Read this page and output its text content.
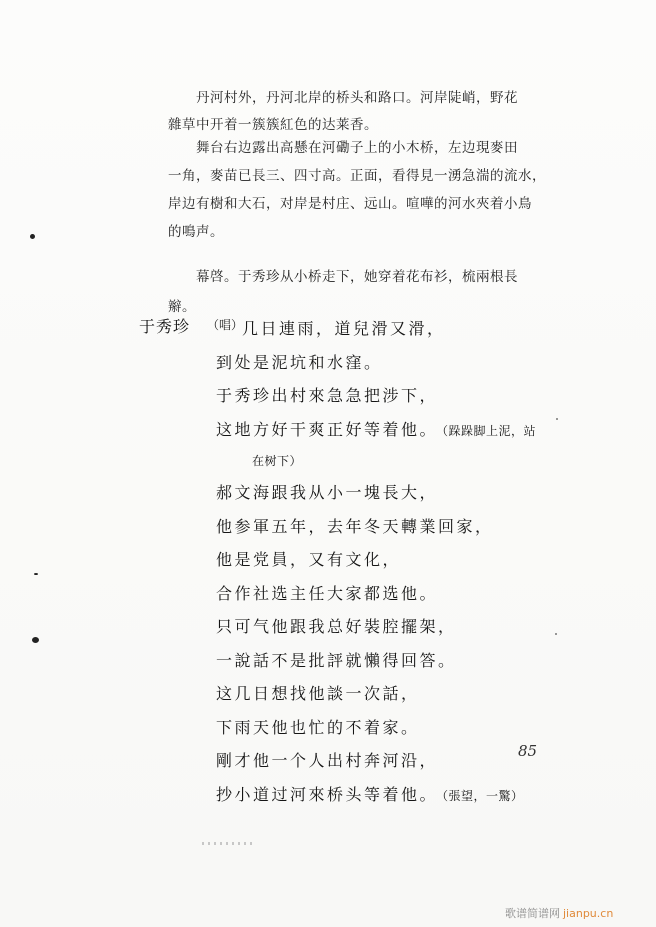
丹河村外，丹河北岸的桥头和路口。河岸陡峭，野花
雜草中开着一簇簇紅色的达莱香。
舞台右边露出高懸在河磡子上的小木桥，左边現麥田
一角，麥苗已長三、四寸高。正面，看得見一湧急湍的流水，
岸边有樹和大石，对岸是村庄、远山。喧嘩的河水夾着小鳥
的鳴声。
幕啓。于秀珍从小桥走下，她穿着花布衫，梳兩根長
辮。
于秀珍 （唱）
几日連雨，道兒滑又滑，
到处是泥坑和水窪。
于秀珍出村來急急把涉下，
这地方好干爽正好等着他。 （跺跺脚上泥，站
在树下）
郝文海跟我从小一塊長大，
他参軍五年，去年冬天轉業回家，
他是党員，又有文化，
合作社选主任大家都选他。
只可气他跟我总好裝腔擺架，
一說話不是批評就懶得回答。
这几日想找他談一次話，
下雨天他也忙的不着家。
剛才他一个人出村奔河沿，
抄小道过河來桥头等着他。 （張望，一驚）
85
歌谱简谱网 jianpu.cn
